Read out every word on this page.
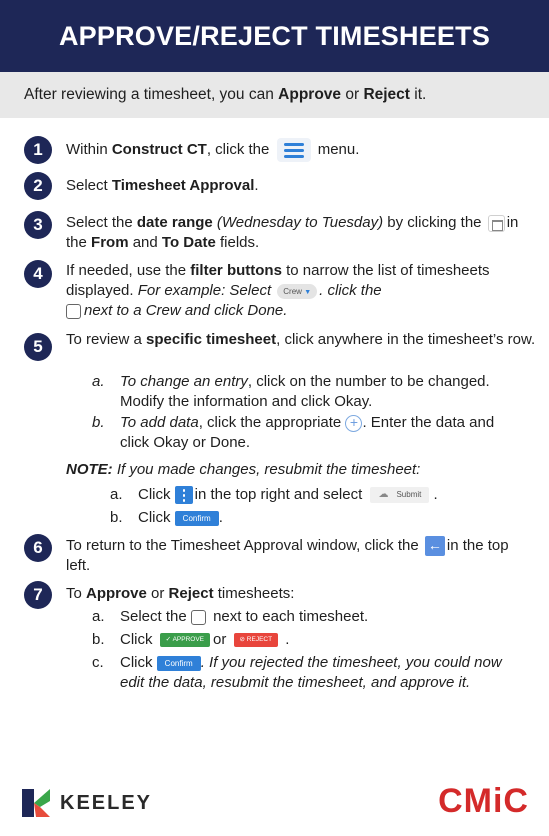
APPROVE/REJECT TIMESHEETS
After reviewing a timesheet, you can Approve or Reject it.
1	Within Construct CT, click the	menu.
2	Select Timesheet Approval.
3	Select the date range (Wednesday to Tuesday) by clicking the in the From and To Date fields.
4	If needed, use the filter buttons to narrow the list of timesheets displayed. For example: Select Crew ▼ . click the
next to a Crew and click Done.
5	To review a specific timesheet, click anywhere in the timesheet’s row.
a. To change an entry, click on the number to be changed. Modify the information and click Okay.
b. To add data, click the appropriate + . Enter the data and click Okay or Done.
NOTE: If you made changes, resubmit the timesheet:
a. Click in the top right and select ☁ Submit .
b. Click Confirm .
6	To return to the Timesheet Approval window, click the ← in the top left.
7	To Approve or Reject timesheets:
a. Select the next to each timesheet.
b. Click ✓ APPROVE or ⊘ REJECT .
c. Click Confirm . If you rejected the timesheet, you could now edit the data, resubmit the timesheet, and approve it.
KEELEY	CMiC
